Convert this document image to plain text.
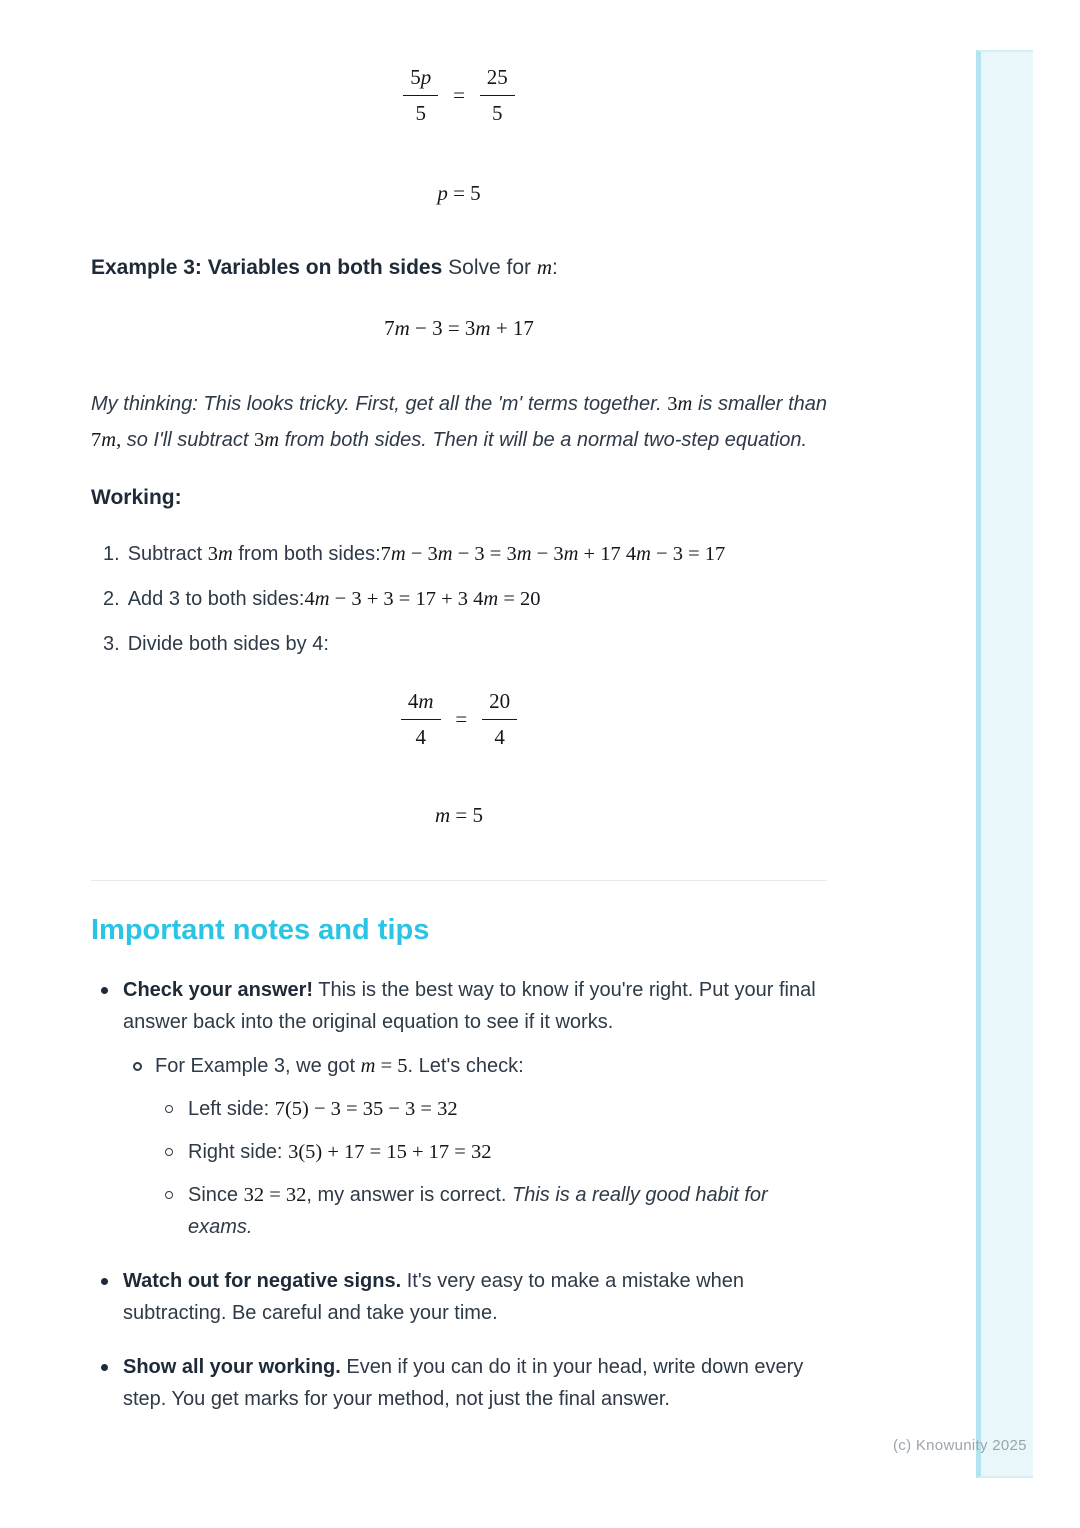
$\frac{5p}{5} = \frac{25}{5}$
p = 5
Example 3: Variables on both sides Solve for m:
7m − 3 = 3m + 17

My thinking: This looks tricky. First, get all the 'm' terms together. 3m is smaller than 7m, so I'll subtract 3m from both sides. Then it will be a normal two-step equation.

Working:
1. Subtract 3m from both sides:7m − 3m − 3 = 3m − 3m + 17 4m − 3 = 17
2. Add 3 to both sides:4m − 3 + 3 = 17 + 3 4m = 20
3. Divide both sides by 4:
$\frac{4m}{4} = \frac{20}{4}$
m = 5
Important notes and tips
Check your answer! This is the best way to know if you're right. Put your final answer back into the original equation to see if it works.
For Example 3, we got m = 5. Let's check:
Left side: 7(5) − 3 = 35 − 3 = 32
Right side: 3(5) + 17 = 15 + 17 = 32
Since 32 = 32, my answer is correct. This is a really good habit for exams.
Watch out for negative signs. It's very easy to make a mistake when subtracting. Be careful and take your time.
Show all your working. Even if you can do it in your head, write down every step. You get marks for your method, not just the final answer.
(c) Knowunity 2025
